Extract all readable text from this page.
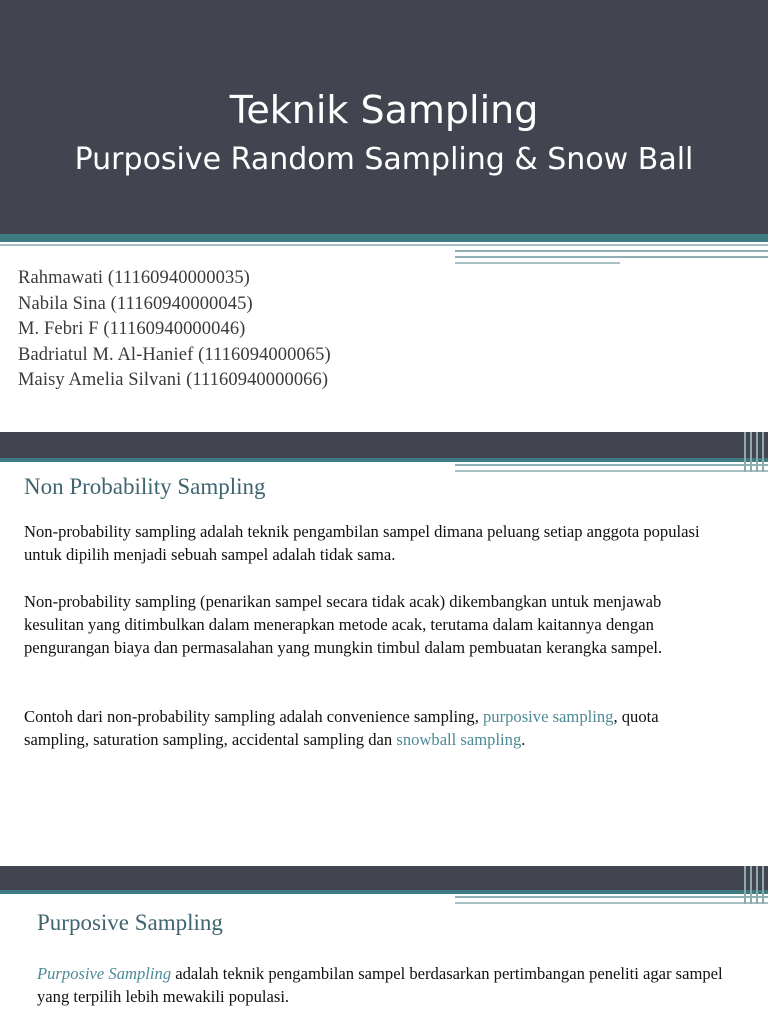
Teknik Sampling
Purposive Random Sampling & Snow Ball
Rahmawati (11160940000035)
Nabila Sina (11160940000045)
M. Febri F (11160940000046)
Badriatul M. Al-Hanief (1116094000065)
Maisy Amelia Silvani (11160940000066)
Non Probability Sampling

Non-probability sampling adalah teknik pengambilan sampel dimana peluang setiap anggota populasi untuk dipilih menjadi sebuah sampel adalah tidak sama.

Non-probability sampling (penarikan sampel secara tidak acak) dikembangkan untuk menjawab kesulitan yang ditimbulkan dalam menerapkan metode acak, terutama dalam kaitannya dengan pengurangan biaya dan permasalahan yang mungkin timbul dalam pembuatan kerangka sampel.

Contoh dari non-probability sampling adalah convenience sampling, purposive sampling, quota sampling, saturation sampling, accidental sampling dan snowball sampling.

Purposive Sampling

Purposive Sampling adalah teknik pengambilan sampel berdasarkan pertimbangan peneliti agar sampel yang terpilih lebih mewakili populasi.
